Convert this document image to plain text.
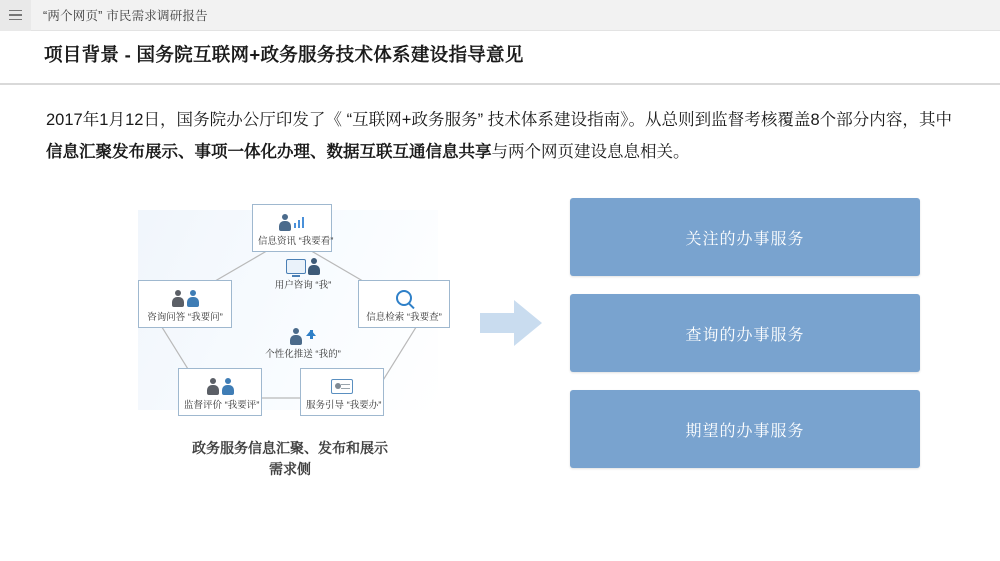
“两个网页” 市民需求调研报告
项目背景 - 国务院互联网+政务服务技术体系建设指导意见
2017年1月12日，国务院办公厅印发了《 “互联网+政务服务” 技术体系建设指南》。从总则到监督考核覆盖8个部分内容，其中信息汇聚发布展示、事项一体化办理、数据互联互通信息共享与两个网页建设息息相关。
用户咨询 “我”
个性化推送 “我的”
信息资讯 “我要看”
咨询问答 “我要问”	信息检索 “我要查”
监督评价 “我要评”	服务引导 “我要办”
政务服务信息汇聚、发布和展示
需求侧
关注的办事服务
查询的办事服务
期望的办事服务
